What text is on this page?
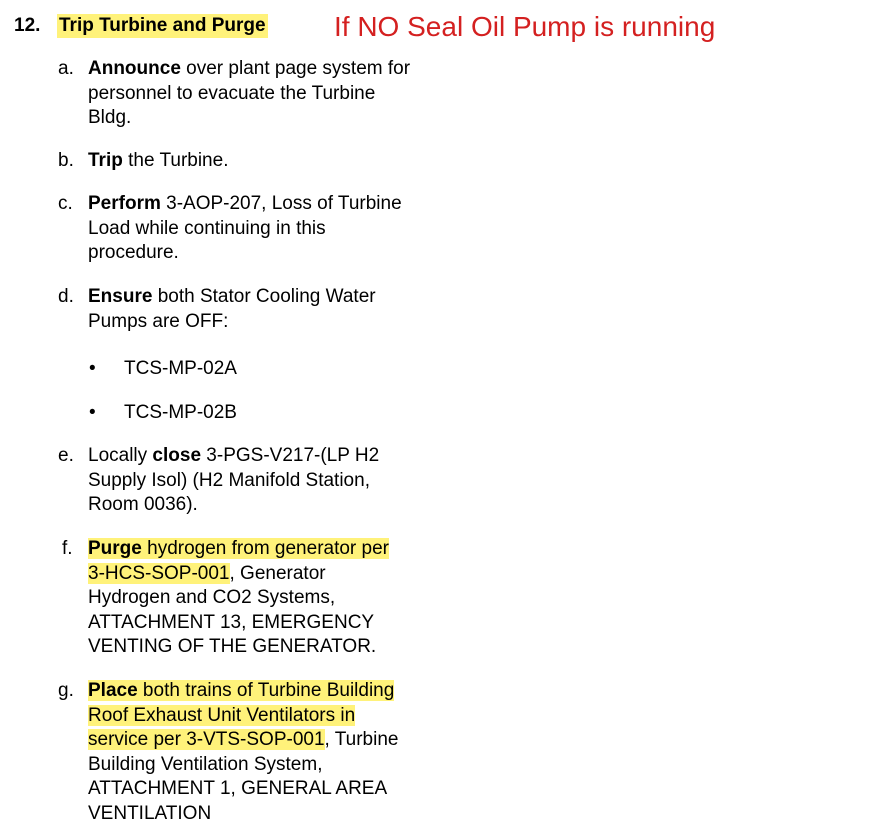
12. Trip Turbine and Purge If NO Seal Oil Pump is running
a. Announce over plant page system for
personnel to evacuate the Turbine
Bldg.
b. Trip the Turbine.
c. Perform 3-AOP-207, Loss of Turbine
Load while continuing in this
procedure.
d. Ensure both Stator Cooling Water
Pumps are OFF:
• TCS-MP-02A
• TCS-MP-02B
e. Locally close 3-PGS-V217-(LP H2
Supply Isol) (H2 Manifold Station,
Room 0036).
f. Purge hydrogen from generator per
3-HCS-SOP-001, Generator
Hydrogen and CO2 Systems,
ATTACHMENT 13, EMERGENCY
VENTING OF THE GENERATOR.
g. Place both trains of Turbine Building
Roof Exhaust Unit Ventilators in
service per 3-VTS-SOP-001, Turbine
Building Ventilation System,
ATTACHMENT 1, GENERAL AREA
VENTILATION
